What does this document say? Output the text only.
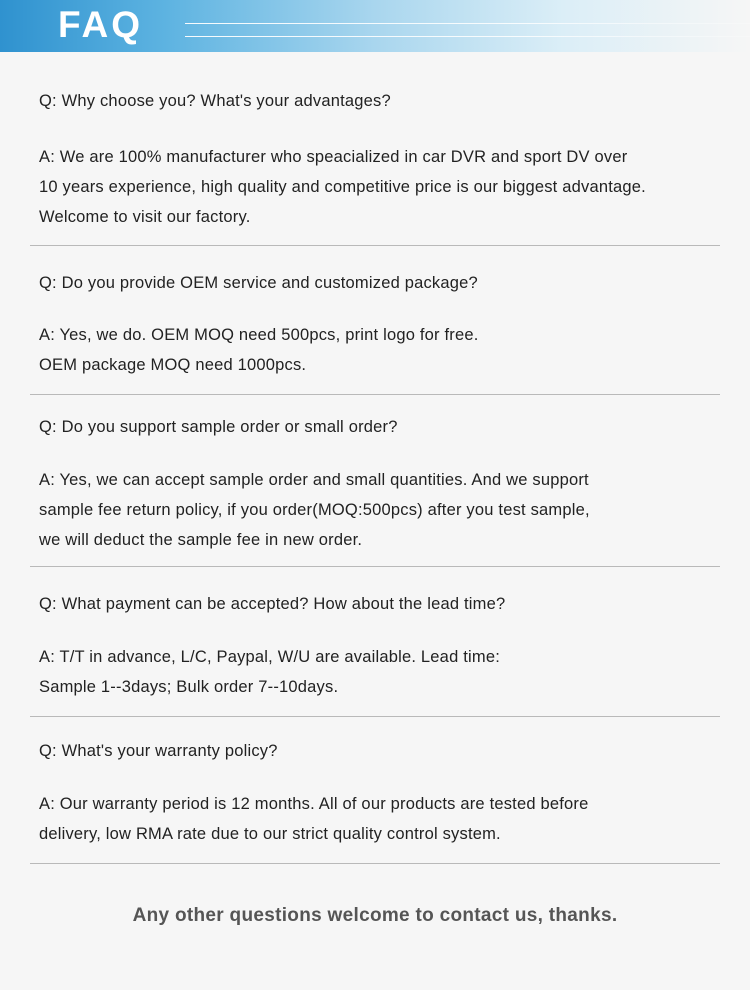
FAQ

Q: Why choose you? What's your advantages?

A: We are 100% manufacturer who speacialized in car DVR and sport DV over

10 years experience, high quality and competitive price is our biggest advantage.

Welcome to visit our factory.

Q: Do you provide OEM service and customized package?

A: Yes, we do. OEM MOQ need 500pcs, print logo for free.

OEM package MOQ need 1000pcs.

Q: Do you support sample order or small order?

A: Yes, we can accept sample order and small quantities. And we support

sample fee return policy, if you order(MOQ:500pcs) after you test sample,

we will deduct the sample fee in new order.

Q: What payment can be accepted? How about the lead time?

A: T/T in advance, L/C, Paypal, W/U are available. Lead time:

Sample 1--3days; Bulk order 7--10days.

Q: What's your warranty policy?

A: Our warranty period is 12 months. All of our products are tested before

delivery, low RMA rate due to our strict quality control system.

Any other questions welcome to contact us, thanks.
